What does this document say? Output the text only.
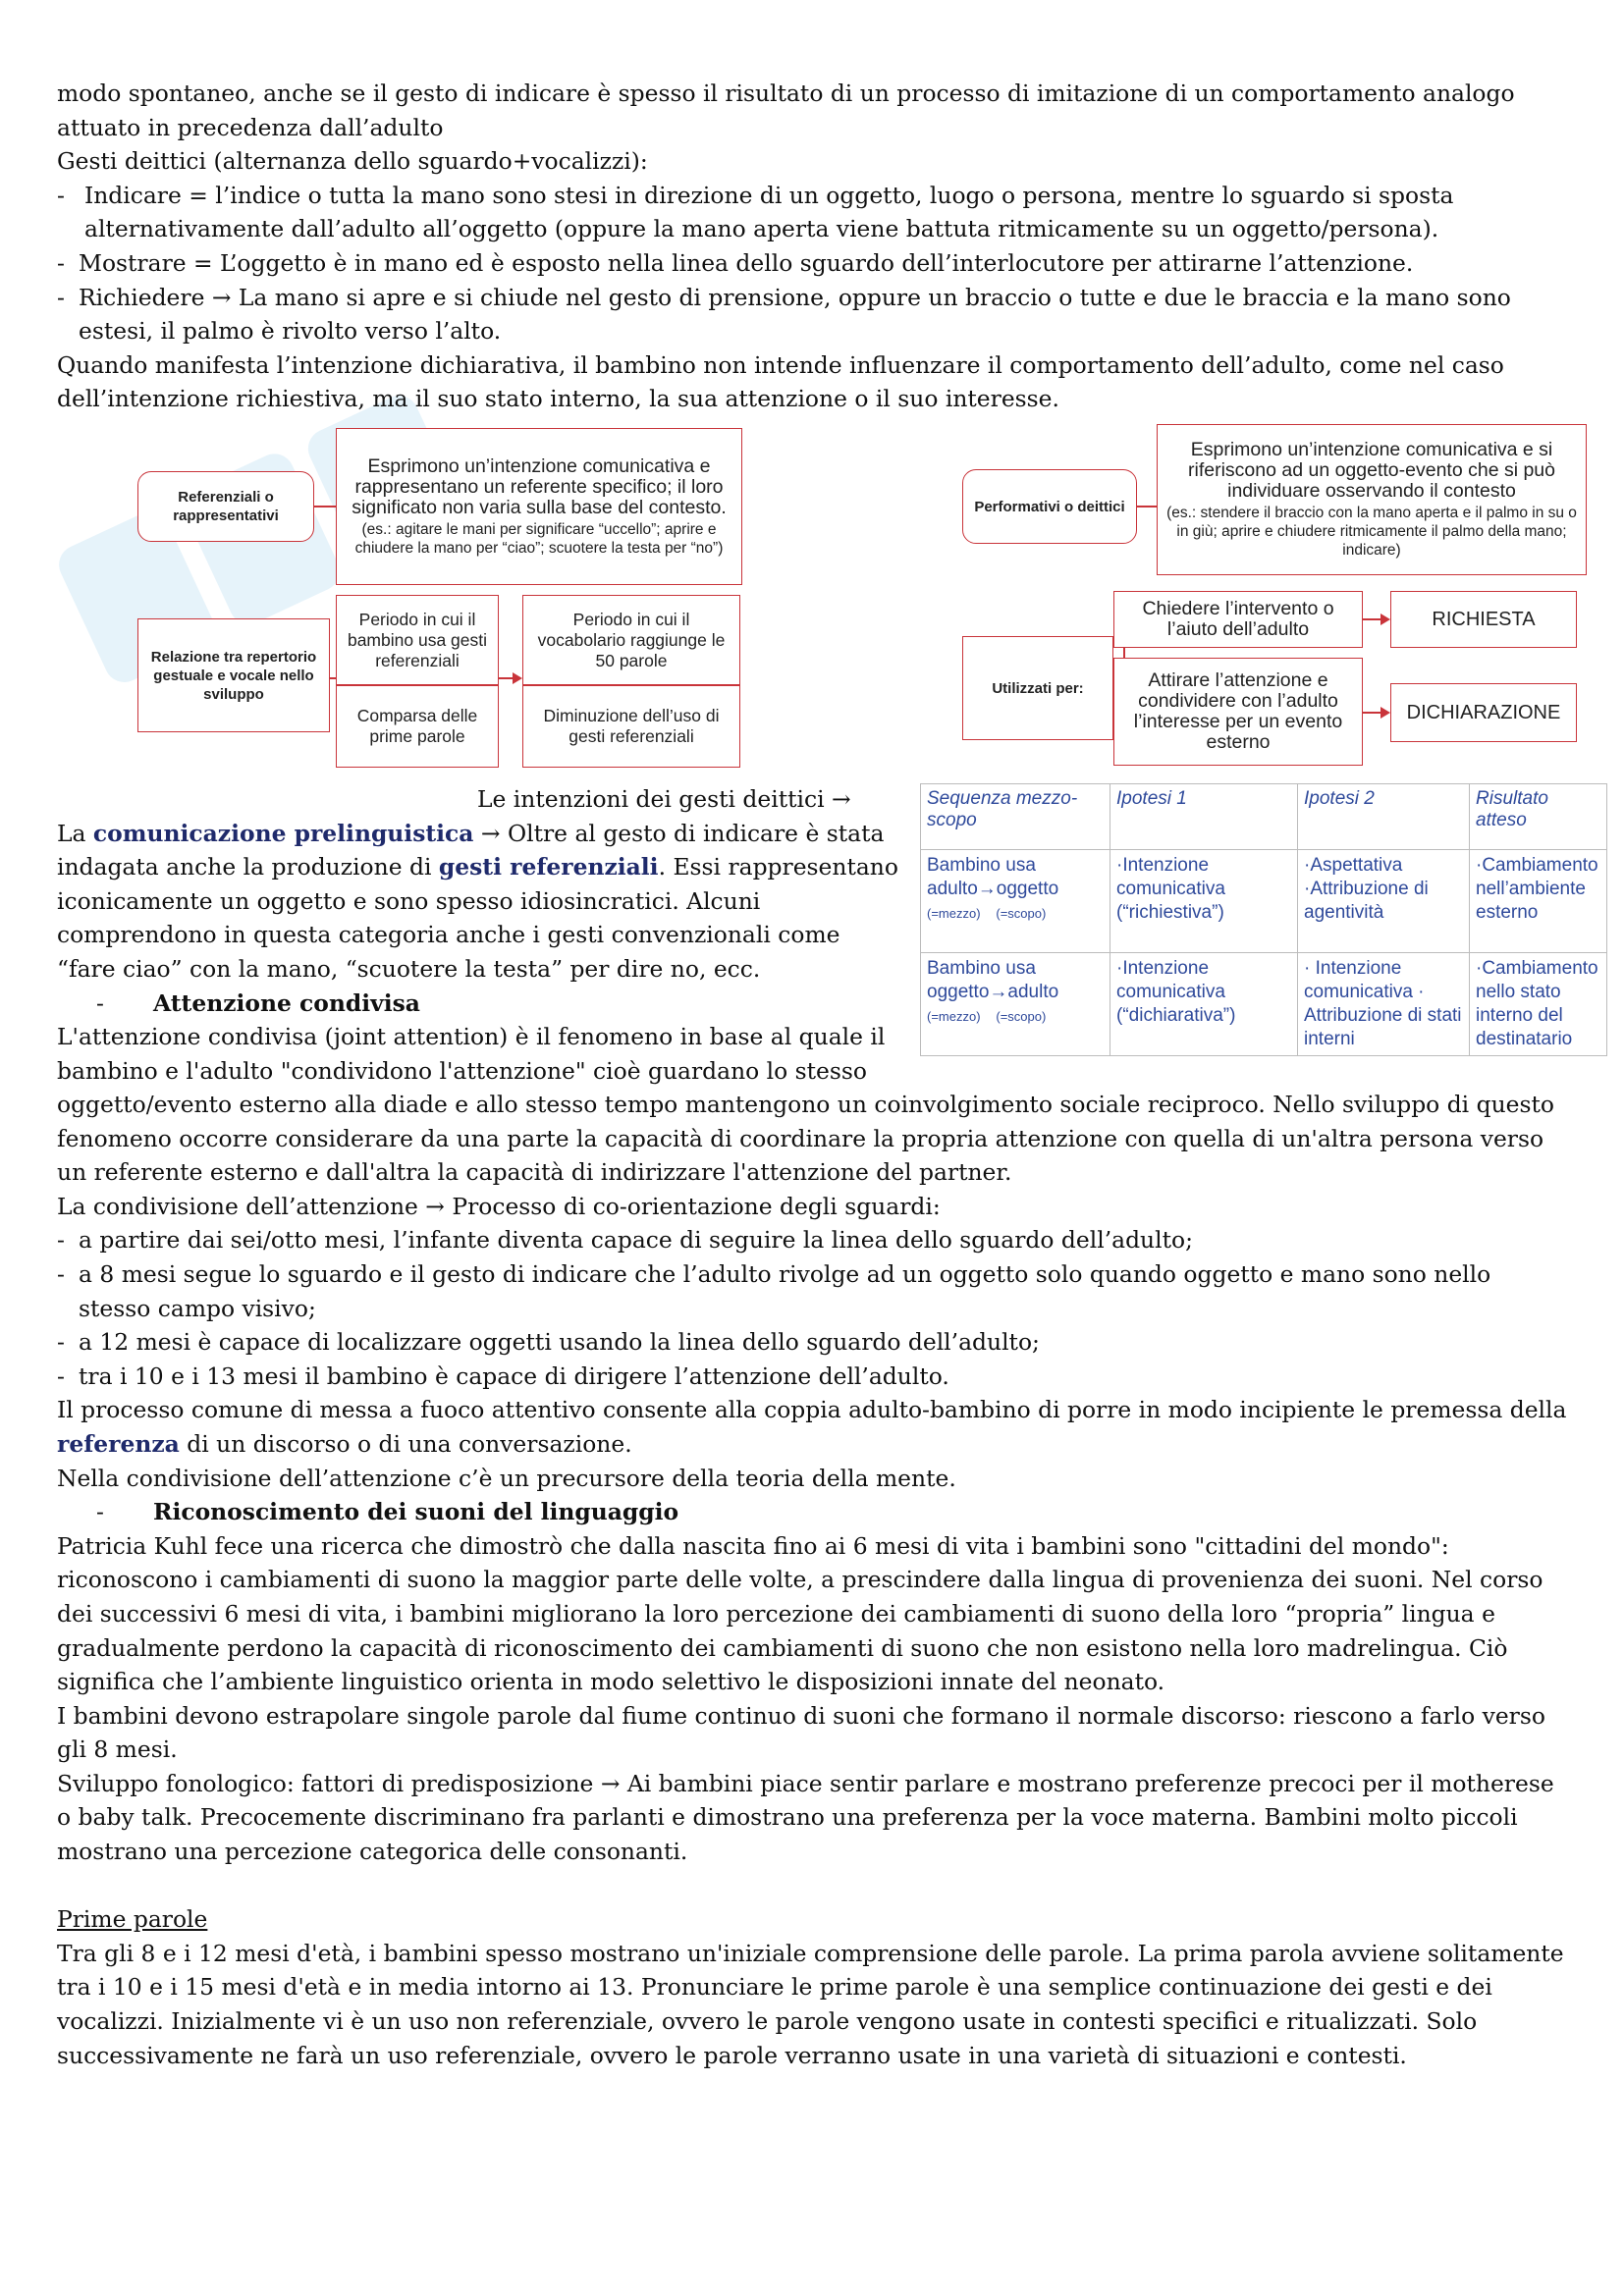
modo spontaneo, anche se il gesto di indicare è spesso il risultato di un processo di imitazione di un comportamento analogo

attuato in precedenza dall’adulto

Gesti deittici (alternanza dello sguardo+vocalizzi):

- Indicare = l’indice o tutta la mano sono stesi in direzione di un oggetto, luogo o persona, mentre lo sguardo si sposta alternativamente dall’adulto all’oggetto (oppure la mano aperta viene battuta ritmicamente su un oggetto/persona).
- Mostrare = L’oggetto è in mano ed è esposto nella linea dello sguardo dell’interlocutore per attirarne l’attenzione.
- Richiedere → La mano si apre e si chiude nel gesto di prensione, oppure un braccio o tutte e due le braccia e la mano sono estesi, il palmo è rivolto verso l’alto.

Quando manifesta l’intenzione dichiarativa, il bambino non intende influenzare il comportamento dell’adulto, come nel caso dell’intenzione richiestiva, ma il suo stato interno, la sua attenzione o il suo interesse.

Referenziali o rappresentativi
Esprimono un’intenzione comunicativa e rappresentano un referente specifico; il loro significato non varia sulla base del contesto.
(es.: agitare le mani per significare “uccello”; aprire e chiudere la mano per “ciao”; scuotere la testa per “no”)
Relazione tra repertorio gestuale e vocale nello sviluppo
Periodo in cui il bambino usa gesti referenziali
Periodo in cui il vocabolario raggiunge le 50 parole
Comparsa delle prime parole
Diminuzione dell’uso di gesti referenziali
Performativi o deittici
Esprimono un’intenzione comunicativa e si riferiscono ad un oggetto-evento che si può individuare osservando il contesto
(es.: stendere il braccio con la mano aperta e il palmo in su o in giù; aprire e chiudere ritmicamente il palmo della mano; indicare)
Utilizzati per:
Chiedere l’intervento o l’aiuto dell’adulto	RICHIESTA
Attirare l’attenzione e condividere con l’adulto l’interesse per un evento esterno
DICHIARAZIONE
Sequenza mezzo-scopo	Ipotesi 1	Ipotesi 2	Risultato atteso
Bambino usa adulto→oggetto
(=mezzo) (=scopo)	·Intenzione comunicativa (“richiestiva”)	·Aspettativa ·Attribuzione di agentività	·Cambiamento nell’ambiente esterno
Bambino usa oggetto→adulto
(=mezzo) (=scopo)	·Intenzione comunicativa (“dichiarativa”)	· Intenzione comunicativa · Attribuzione di stati interni	·Cambiamento nello stato interno del destinatario

Le intenzioni dei gesti deittici →

La comunicazione prelinguistica → Oltre al gesto di indicare è stata indagata anche la produzione di gesti referenziali. Essi rappresentano iconicamente un oggetto e sono spesso idiosincratici. Alcuni comprendono in questa categoria anche i gesti convenzionali come “fare ciao” con la mano, “scuotere la testa” per dire no, ecc.

- Attenzione condivisa

L'attenzione condivisa (joint attention) è il fenomeno in base al quale il bambino e l'adulto "condividono l'attenzione" cioè guardano lo stesso

oggetto/evento esterno alla diade e allo stesso tempo mantengono un coinvolgimento sociale reciproco. Nello sviluppo di questo fenomeno occorre considerare da una parte la capacità di coordinare la propria attenzione con quella di un'altra persona verso un referente esterno e dall'altra la capacità di indirizzare l'attenzione del partner.

La condivisione dell’attenzione → Processo di co-orientazione degli sguardi:

- a partire dai sei/otto mesi, l’infante diventa capace di seguire la linea dello sguardo dell’adulto;
- a 8 mesi segue lo sguardo e il gesto di indicare che l’adulto rivolge ad un oggetto solo quando oggetto e mano sono nello stesso campo visivo;
- a 12 mesi è capace di localizzare oggetti usando la linea dello sguardo dell’adulto;
- tra i 10 e i 13 mesi il bambino è capace di dirigere l’attenzione dell’adulto.

Il processo comune di messa a fuoco attentivo consente alla coppia adulto-bambino di porre in modo incipiente le premessa della referenza di un discorso o di una conversazione.

Nella condivisione dell’attenzione c’è un precursore della teoria della mente.

- Riconoscimento dei suoni del linguaggio

Patricia Kuhl fece una ricerca che dimostrò che dalla nascita fino ai 6 mesi di vita i bambini sono "cittadini del mondo": riconoscono i cambiamenti di suono la maggior parte delle volte, a prescindere dalla lingua di provenienza dei suoni. Nel corso dei successivi 6 mesi di vita, i bambini migliorano la loro percezione dei cambiamenti di suono della loro “propria” lingua e gradualmente perdono la capacità di riconoscimento dei cambiamenti di suono che non esistono nella loro madrelingua. Ciò significa che l’ambiente linguistico orienta in modo selettivo le disposizioni innate del neonato.

I bambini devono estrapolare singole parole dal fiume continuo di suoni che formano il normale discorso: riescono a farlo verso gli 8 mesi.

Sviluppo fonologico: fattori di predisposizione → Ai bambini piace sentir parlare e mostrano preferenze precoci per il motherese o baby talk. Precocemente discriminano fra parlanti e dimostrano una preferenza per la voce materna. Bambini molto piccoli mostrano una percezione categorica delle consonanti.

Prime parole

Tra gli 8 e i 12 mesi d'età, i bambini spesso mostrano un'iniziale comprensione delle parole. La prima parola avviene solitamente tra i 10 e i 15 mesi d'età e in media intorno ai 13. Pronunciare le prime parole è una semplice continuazione dei gesti e dei vocalizzi. Inizialmente vi è un uso non referenziale, ovvero le parole vengono usate in contesti specifici e ritualizzati. Solo successivamente ne farà un uso referenziale, ovvero le parole verranno usate in una varietà di situazioni e contesti.
